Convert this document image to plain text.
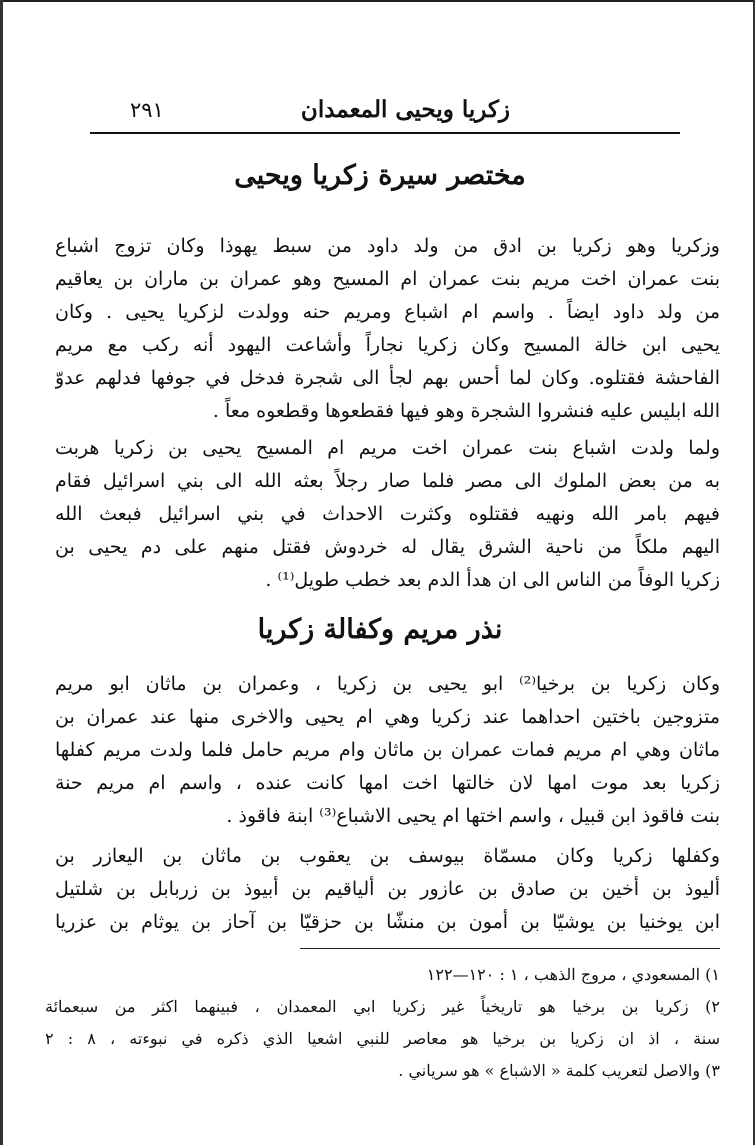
زكريا ويحيى المعمدان
٢٩١
مختصر سيرة زكريا ويحيى
وزكريا وهو زكريا بن ادق من ولد داود من سبط يهوذا وكان تزوج اشباع
بنت عمران اخت مريم بنت عمران ام المسيح وهو عمران بن ماران بن يعاقيم
من ولد داود ايضاً . واسم ام اشباع ومريم حنه وولدت لزكريا يحيى . وكان
يحيى ابن خالة المسيح وكان زكريا نجاراً وأشاعت اليهود أنه ركب مع مريم
الفاحشة فقتلوه. وكان لما أحس بهم لجأ الى شجرة فدخل في جوفها فدلهم عدوّ
الله ابليس عليه فنشروا الشجرة وهو فيها فقطعوها وقطعوه معاً .
ولما ولدت اشباع بنت عمران اخت مريم ام المسيح يحيى بن زكريا هربت
به من بعض الملوك الى مصر فلما صار رجلاً بعثه الله الى بني اسرائيل فقام
فيهم بامر الله ونهيه فقتلوه وكثرت الاحداث في بني اسرائيل فبعث الله
اليهم ملكاً من ناحية الشرق يقال له خردوش فقتل منهم على دم يحيى بن
زكريا الوفاً من الناس الى ان هدأ الدم بعد خطب طويل⁽¹⁾ .
نذر مريم وكفالة زكريا
وكان زكريا بن برخيا⁽²⁾ ابو يحيى بن زكريا ، وعمران بن ماثان ابو مريم
متزوجين باختين احداهما عند زكريا وهي ام يحيى والاخرى منها عند عمران بن
ماثان وهي ام مريم فمات عمران بن ماثان وام مريم حامل فلما ولدت مريم كفلها
زكريا بعد موت امها لان خالتها اخت امها كانت عنده ، واسم ام مريم حنة
بنت فاقوذ ابن قبيل ، واسم اختها ام يحيى الاشباع⁽³⁾ ابنة فاقوذ .
وكفلها زكريا وكان مسمّاة بيوسف بن يعقوب بن ماثان بن اليعازر بن
أليوذ بن أخين بن صادق بن عازور بن ألياقيم بن أبيوذ بن زربابل بن شلتيل
ابن يوخنيا بن يوشيّا بن أمون بن منشّا بن حزقيّا بن آحاز بن يوثام بن عزريا
١) المسعودي ، مروج الذهب ، ١ : ١٢٠—١٢٢
٢) زكريا بن برخيا هو تاريخياً غير زكريا ابي المعمدان ، فبينهما اكثر من سبعمائة
سنة ، اذ ان زكريا بن برخيا هو معاصر للنبي اشعيا الذي ذكره في نبوءته ، ٨ : ٢
٣) والاصل لتعريب كلمة « الاشباع » هو سرياني .
